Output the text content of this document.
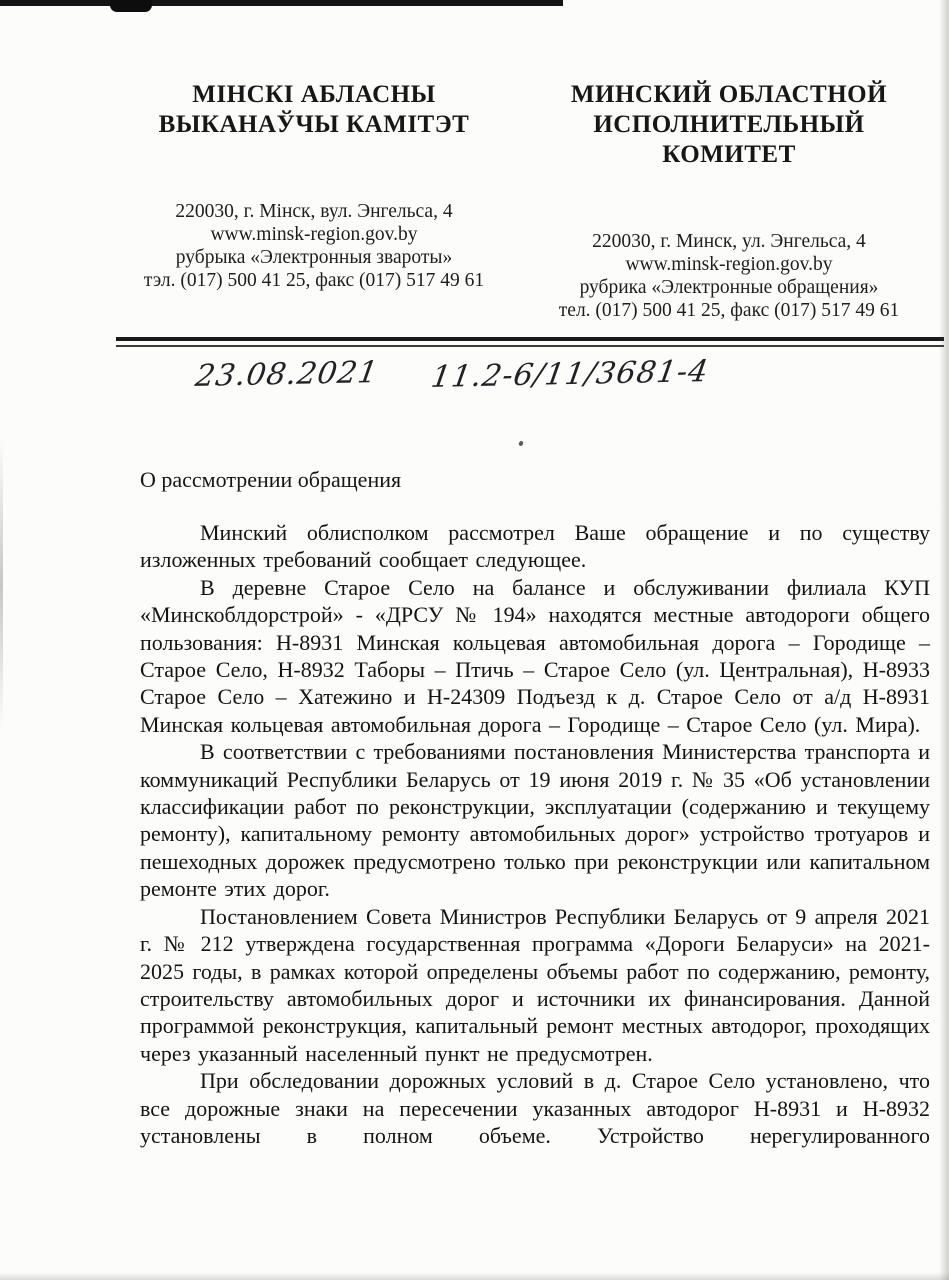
МІНСКІ АБЛАСНЫ
ВЫКАНАЎЧЫ КАМІТЭТ
220030, г. Мінск, вул. Энгельса, 4
www.minsk-region.gov.by
рубрыка «Электронныя звароты»
тэл. (017) 500 41 25, факс (017) 517 49 61
МИНСКИЙ ОБЛАСТНОЙ
ИСПОЛНИТЕЛЬНЫЙ КОМИТЕТ
220030, г. Минск, ул. Энгельса, 4
www.minsk-region.gov.by
рубрика «Электронные обращения»
тел. (017) 500 41 25, факс (017) 517 49 61
23.08.2021 11.2-6/11/3681-4
О рассмотрении обращения

Минский облисполком рассмотрел Ваше обращение и по существу изложенных требований сообщает следующее.

В деревне Старое Село на балансе и обслуживании филиала КУП «Минскоблдорстрой» - «ДРСУ № 194» находятся местные автодороги общего пользования: Н-8931 Минская кольцевая автомобильная дорога – Городище – Старое Село, Н-8932 Таборы – Птичь – Старое Село (ул. Центральная), Н-8933 Старое Село – Хатежино и Н-24309 Подъезд к д. Старое Село от а/д Н-8931 Минская кольцевая автомобильная дорога – Городище – Старое Село (ул. Мира).

В соответствии с требованиями постановления Министерства транспорта и коммуникаций Республики Беларусь от 19 июня 2019 г. № 35 «Об установлении классификации работ по реконструкции, эксплуатации (содержанию и текущему ремонту), капитальному ремонту автомобильных дорог» устройство тротуаров и пешеходных дорожек предусмотрено только при реконструкции или капитальном ремонте этих дорог.

Постановлением Совета Министров Республики Беларусь от 9 апреля 2021 г. № 212 утверждена государственная программа «Дороги Беларуси» на 2021-2025 годы, в рамках которой определены объемы работ по содержанию, ремонту, строительству автомобильных дорог и источники их финансирования. Данной программой реконструкция, капитальный ремонт местных автодорог, проходящих через указанный населенный пункт не предусмотрен.

При обследовании дорожных условий в д. Старое Село установлено, что все дорожные знаки на пересечении указанных автодорог Н-8931 и Н-8932 установлены в полном объеме. Устройство нерегулированного
